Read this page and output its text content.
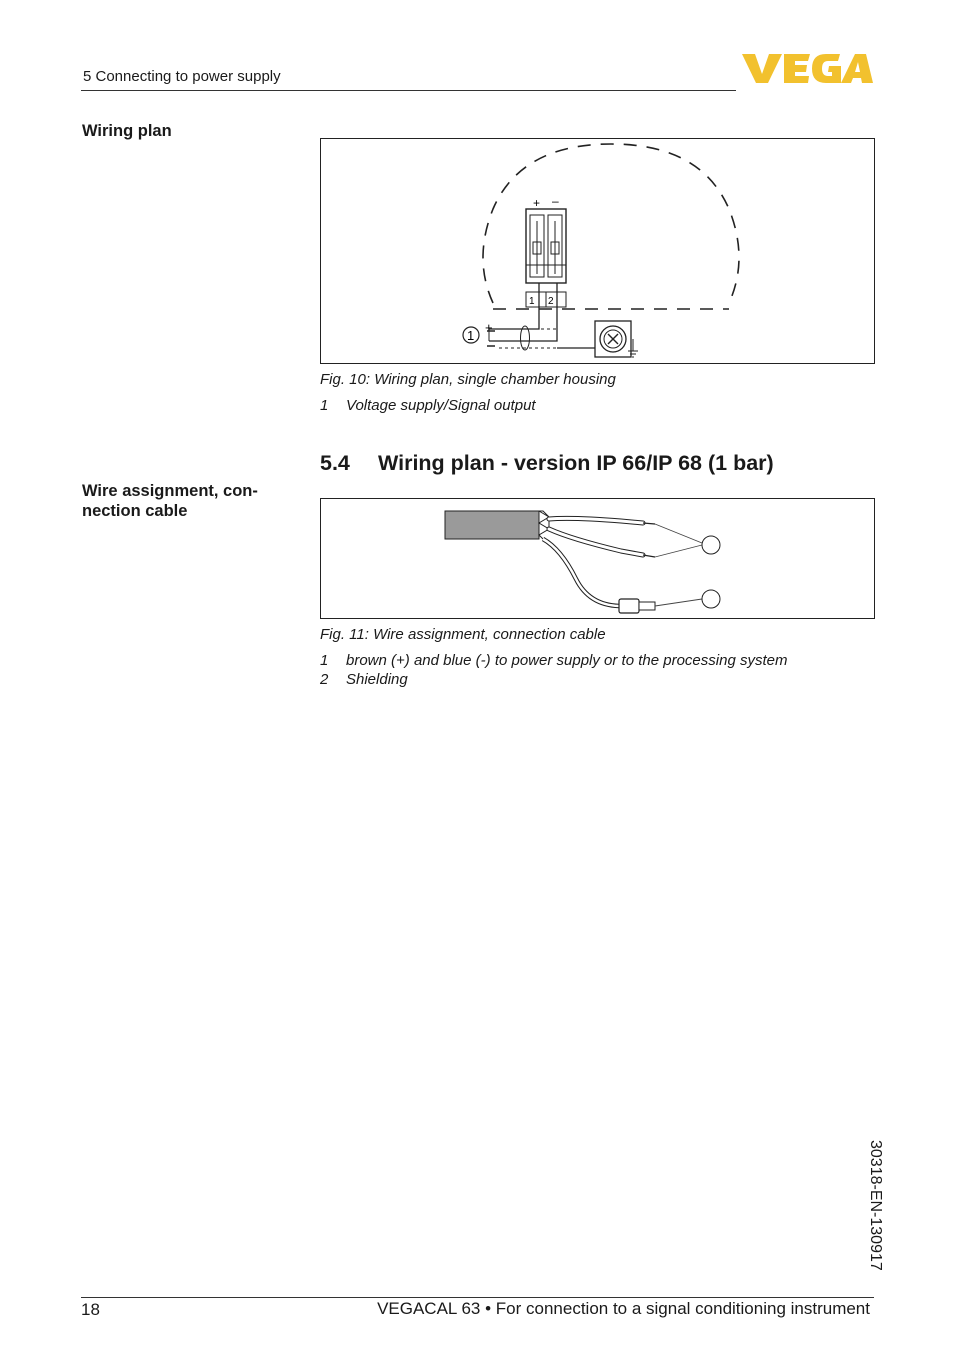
5 Connecting to power supply
Wiring plan
Wire assignment, con-
nection cable
+ –
1 2
+
1
Fig. 10: Wiring plan, single chamber housing
1 Voltage supply/Signal output
5.4 Wiring plan - version IP 66/IP 68 (1 bar)
Fig. 11: Wire assignment, connection cable
1 brown (+) and blue (-) to power supply or to the processing system
2 Shielding
30318-EN-130917
18	VEGACAL 63 • For connection to a signal conditioning instrument
